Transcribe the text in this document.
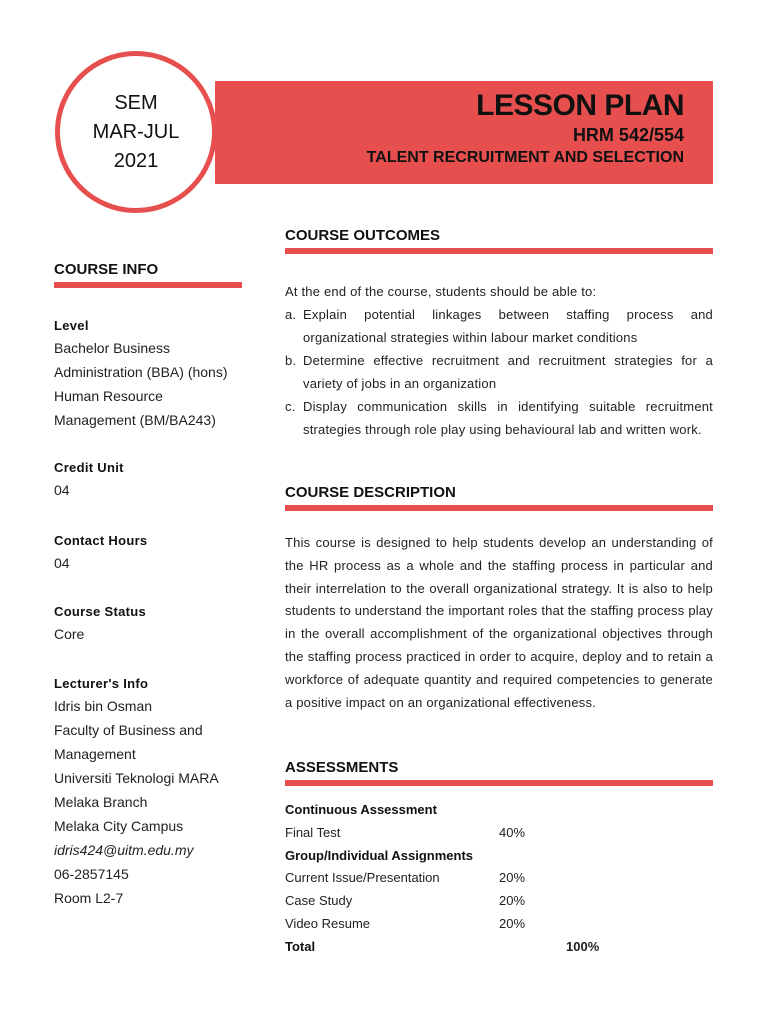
SEM
MAR-JUL
2021
LESSON PLAN
HRM 542/554
TALENT RECRUITMENT AND SELECTION
COURSE INFO
Level
Bachelor Business
Administration (BBA) (hons)
Human Resource
Management (BM/BA243)
Credit Unit
04
Contact Hours
04
Course Status
Core
Lecturer's Info
Idris bin Osman
Faculty of Business and
Management
Universiti Teknologi MARA
Melaka Branch
Melaka City Campus
idris424@uitm.edu.my
06-2857145
Room L2-7
COURSE OUTCOMES

At the end of the course, students should be able to:

a. Explain potential linkages between staffing process and organizational strategies within labour market conditions
b. Determine effective recruitment and recruitment strategies for a variety of jobs in an organization
c. Display communication skills in identifying suitable recruitment strategies through role play using behavioural lab and written work.
COURSE DESCRIPTION
This course is designed to help students develop an understanding of the HR process as a whole and the staffing process in particular and their interrelation to the overall organizational strategy. It is also to help students to understand the important roles that the staffing process play in the overall accomplishment of the organizational objectives through the staffing process practiced in order to acquire, deploy and to retain a workforce of adequate quantity and required competencies to generate a positive impact on an organizational effectiveness.
ASSESSMENTS
Continuous Assessment
Final Test	40%
Group/Individual Assignments
Current Issue/Presentation	20%
Case Study	20%
Video Resume	20%
Total	100%
